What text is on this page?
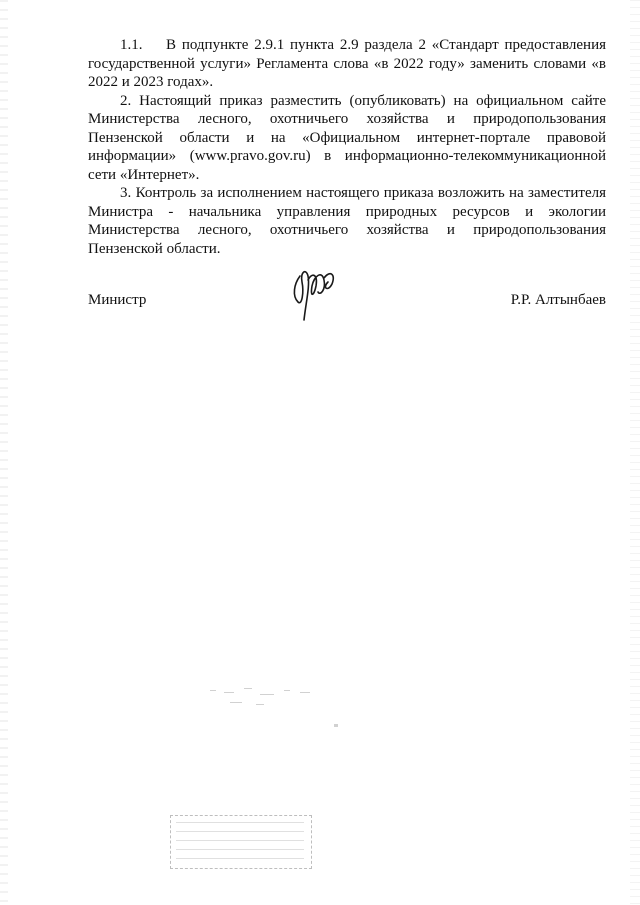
1.1. В подпункте 2.9.1 пункта 2.9 раздела 2 «Стандарт предоставления государственной услуги» Регламента слова «в 2022 году» заменить словами «в 2022 и 2023 годах».

2. Настоящий приказ разместить (опубликовать) на официальном сайте Министерства лесного, охотничьего хозяйства и природопользования Пензенской области и на «Официальном интернет-портале правовой информации» (www.pravo.gov.ru) в информационно-телекоммуникационной сети «Интернет».

3. Контроль за исполнением настоящего приказа возложить на заместителя Министра - начальника управления природных ресурсов и экологии Министерства лесного, охотничьего хозяйства и природопользования Пензенской области.

Министр	Р.Р. Алтынбаев
